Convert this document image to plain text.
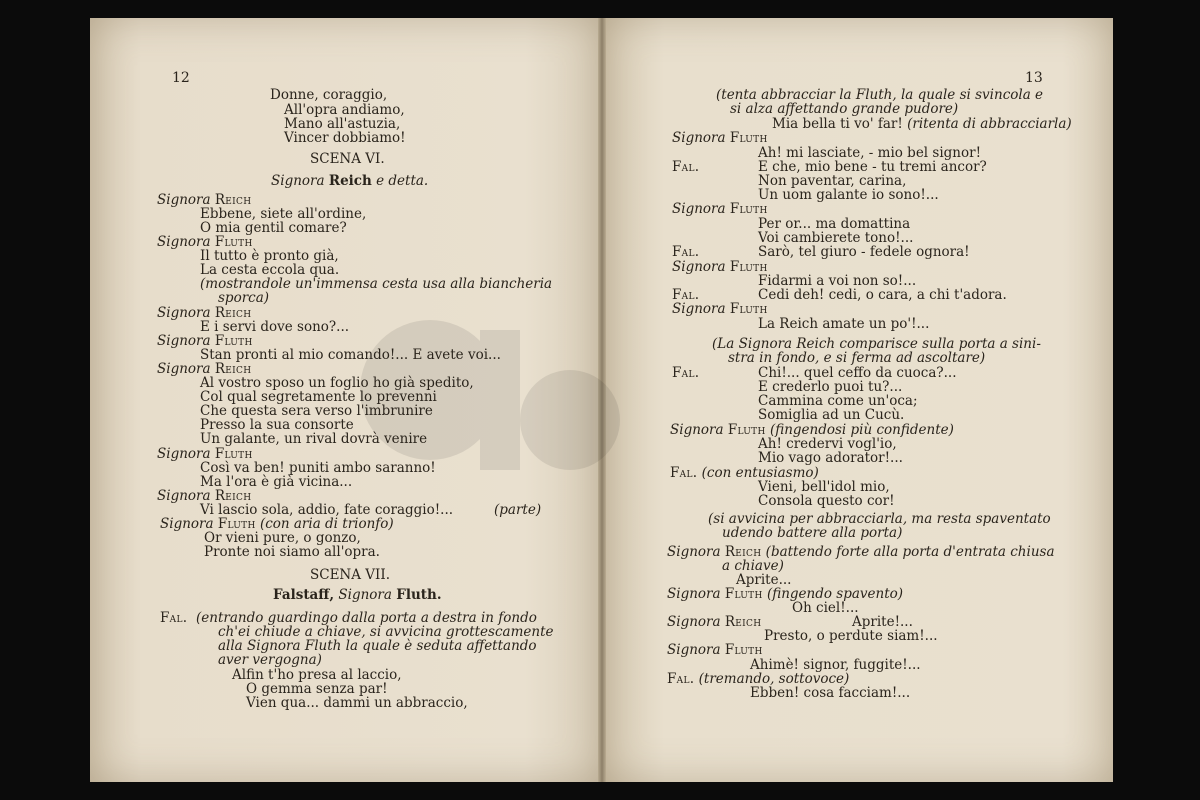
12
Donne, coraggio,
All'opra andiamo,
Mano all'astuzia,
Vincer dobbiamo!
SCENA VI.
Signora Reich e detta.
Signora Reich
Ebbene, siete all'ordine,
O mia gentil comare?
Signora Fluth
Il tutto è pronto già,
La cesta eccola qua.
(mostrandole un'immensa cesta usa alla biancheria
sporca)
Signora Reich
E i servi dove sono?...
Signora Fluth
Stan pronti al mio comando!... E avete voi...
Signora Reich
Al vostro sposo un foglio ho già spedito,
Col qual segretamente lo prevenni
Che questa sera verso l'imbrunire
Presso la sua consorte
Un galante, un rival dovrà venire
Signora Fluth
Così va ben! puniti ambo saranno!
Ma l'ora è già vicina...
Signora Reich
Vi lascio sola, addio, fate coraggio!...	(parte)
Signora Fluth (con aria di trionfo)
Or vieni pure, o gonzo,
Pronte noi siamo all'opra.
SCENA VII.
Falstaff, Signora Fluth.
Fal. (entrando guardingo dalla porta a destra in fondo
ch'ei chiude a chiave, si avvicina grottescamente
alla Signora Fluth la quale è seduta affettando
aver vergogna)
Alfin t'ho presa al laccio,
O gemma senza par!
Vien qua... dammi un abbraccio,
13
(tenta abbracciar la Fluth, la quale si svincola e
si alza affettando grande pudore)
Mia bella ti vo' far! (ritenta di abbracciarla)
Signora Fluth
Ah! mi lasciate, - mio bel signor!
Fal.	E che, mio bene - tu tremi ancor?
Non paventar, carina,
Un uom galante io sono!...
Signora Fluth
Per or... ma domattina
Voi cambierete tono!...
Fal.	Sarò, tel giuro - fedele ognora!
Signora Fluth
Fidarmi a voi non so!...
Fal.	Cedi deh! cedi, o cara, a chi t'adora.
Signora Fluth
La Reich amate un po'!...
(La Signora Reich comparisce sulla porta a sini-
stra in fondo, e si ferma ad ascoltare)
Fal.	Chi!... quel ceffo da cuoca?...
E crederlo puoi tu?...
Cammina come un'oca;
Somiglia ad un Cucù.
Signora Fluth (fingendosi più confidente)
Ah! credervi vogl'io,
Mio vago adorator!...
Fal. (con entusiasmo)
Vieni, bell'idol mio,
Consola questo cor!
(si avvicina per abbracciarla, ma resta spaventato
udendo battere alla porta)
Signora Reich (battendo forte alla porta d'entrata chiusa
a chiave)
Aprite...
Signora Fluth (fingendo spavento)
Oh ciel!...
Signora Reich	Aprite!...
Presto, o perdute siam!...
Signora Fluth
Ahimè! signor, fuggite!...
Fal. (tremando, sottovoce)
Ebben! cosa facciam!...
